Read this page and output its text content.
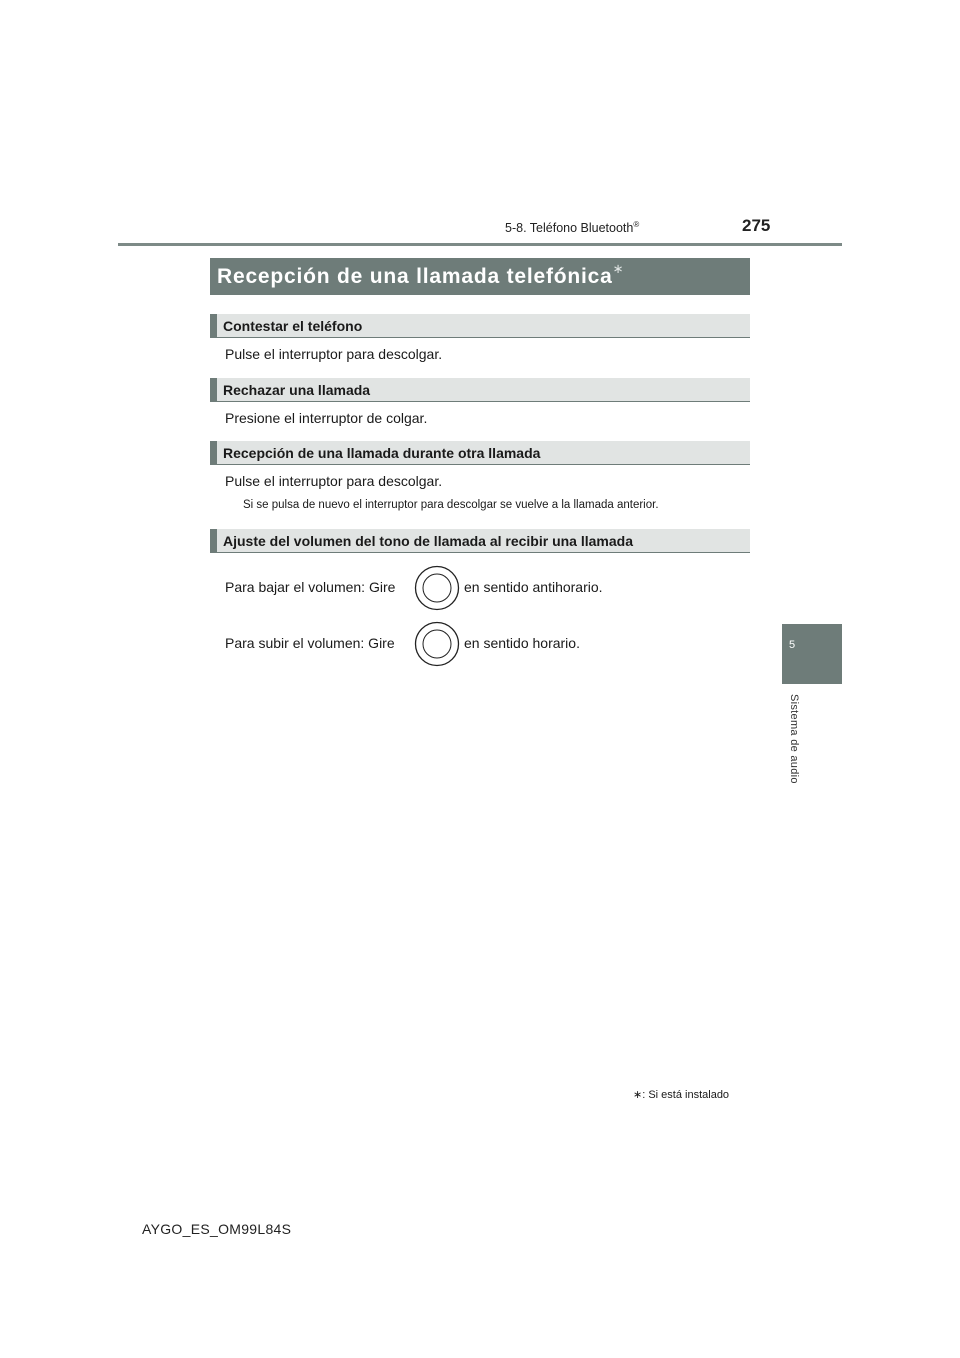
5-8. Teléfono Bluetooth®	275
5
Sistema de audio
Recepción de una llamada telefónica∗
Contestar el teléfono
Pulse el interruptor para descolgar.
Rechazar una llamada
Presione el interruptor de colgar.
Recepción de una llamada durante otra llamada
Pulse el interruptor para descolgar.
Si se pulsa de nuevo el interruptor para descolgar se vuelve a la llamada anterior.
Ajuste del volumen del tono de llamada al recibir una llamada
Para bajar el volumen: Gire	en sentido antihorario.
Para subir el volumen: Gire	en sentido horario.
∗: Si está instalado
AYGO_ES_OM99L84S
